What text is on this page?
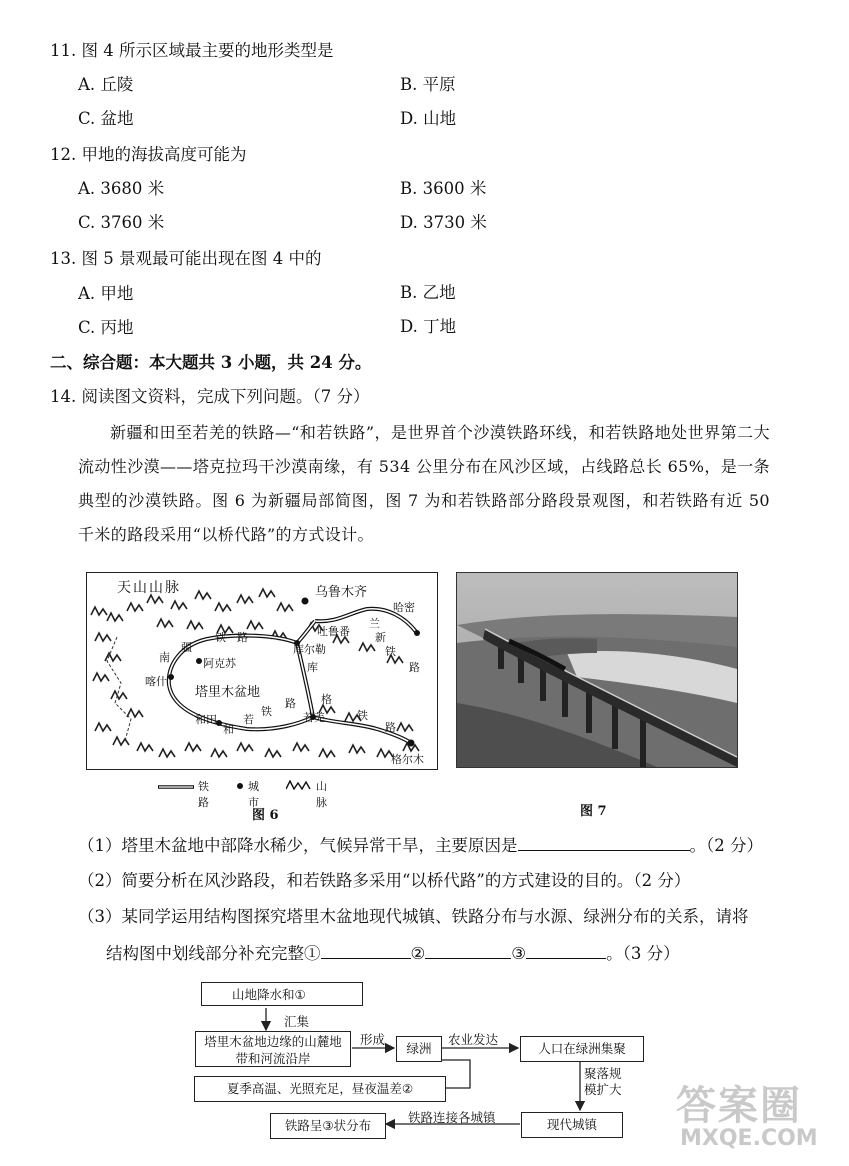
11. 图 4 所示区域最主要的地形类型是
A. 丘陵	B. 平原
C. 盆地	D. 山地
12. 甲地的海拔高度可能为
A. 3680 米	B. 3600 米
C. 3760 米	D. 3730 米
13. 图 5 景观最可能出现在图 4 中的
A. 甲地	B. 乙地
C. 丙地	D. 丁地
二、综合题：本大题共 3 小题，共 24 分。
14. 阅读图文资料，完成下列问题。（7 分）
新疆和田至若羌的铁路—“和若铁路”，是世界首个沙漠铁路环线，和若铁路地处世界第二大流动性沙漠——塔克拉玛干沙漠南缘，有 534 公里分布在风沙区域，占线路总长 65%，是一条典型的沙漠铁路。图 6 为新疆局部简图，图 7 为和若铁路部分路段景观图，和若铁路有近 50 千米的路段采用“以桥代路”的方式设计。
天山山脉	乌鲁木齐
哈密
吐鲁番
兰
新
铁
路
库尔勒
库
南
疆
铁 路
阿克苏
喀什
塔里木盆地
和田
和
若
铁
路 格
若羌	铁
路
格尔木
铁路
城市
山脉
图 6	图 7
（1）塔里木盆地中部降水稀少，气候异常干旱，主要原因是	。（2 分）
（2）简要分析在风沙路段，和若铁路多采用“以桥代路”的方式建设的目的。（2 分）
（3）某同学运用结构图探究塔里木盆地现代城镇、铁路分布与水源、绿洲分布的关系，请将
结构图中划线部分补充完整①	②	③	。（3 分）
山地降水和①
汇集
塔里木盆地边缘的山麓地带和河流沿岸
形成
绿洲
农业发达
人口在绿洲集聚
聚落规模扩大
夏季高温、光照充足，昼夜温差②
现代城镇
铁路连接各城镇
铁路呈③状分布	答案圈
MXQE.COM
